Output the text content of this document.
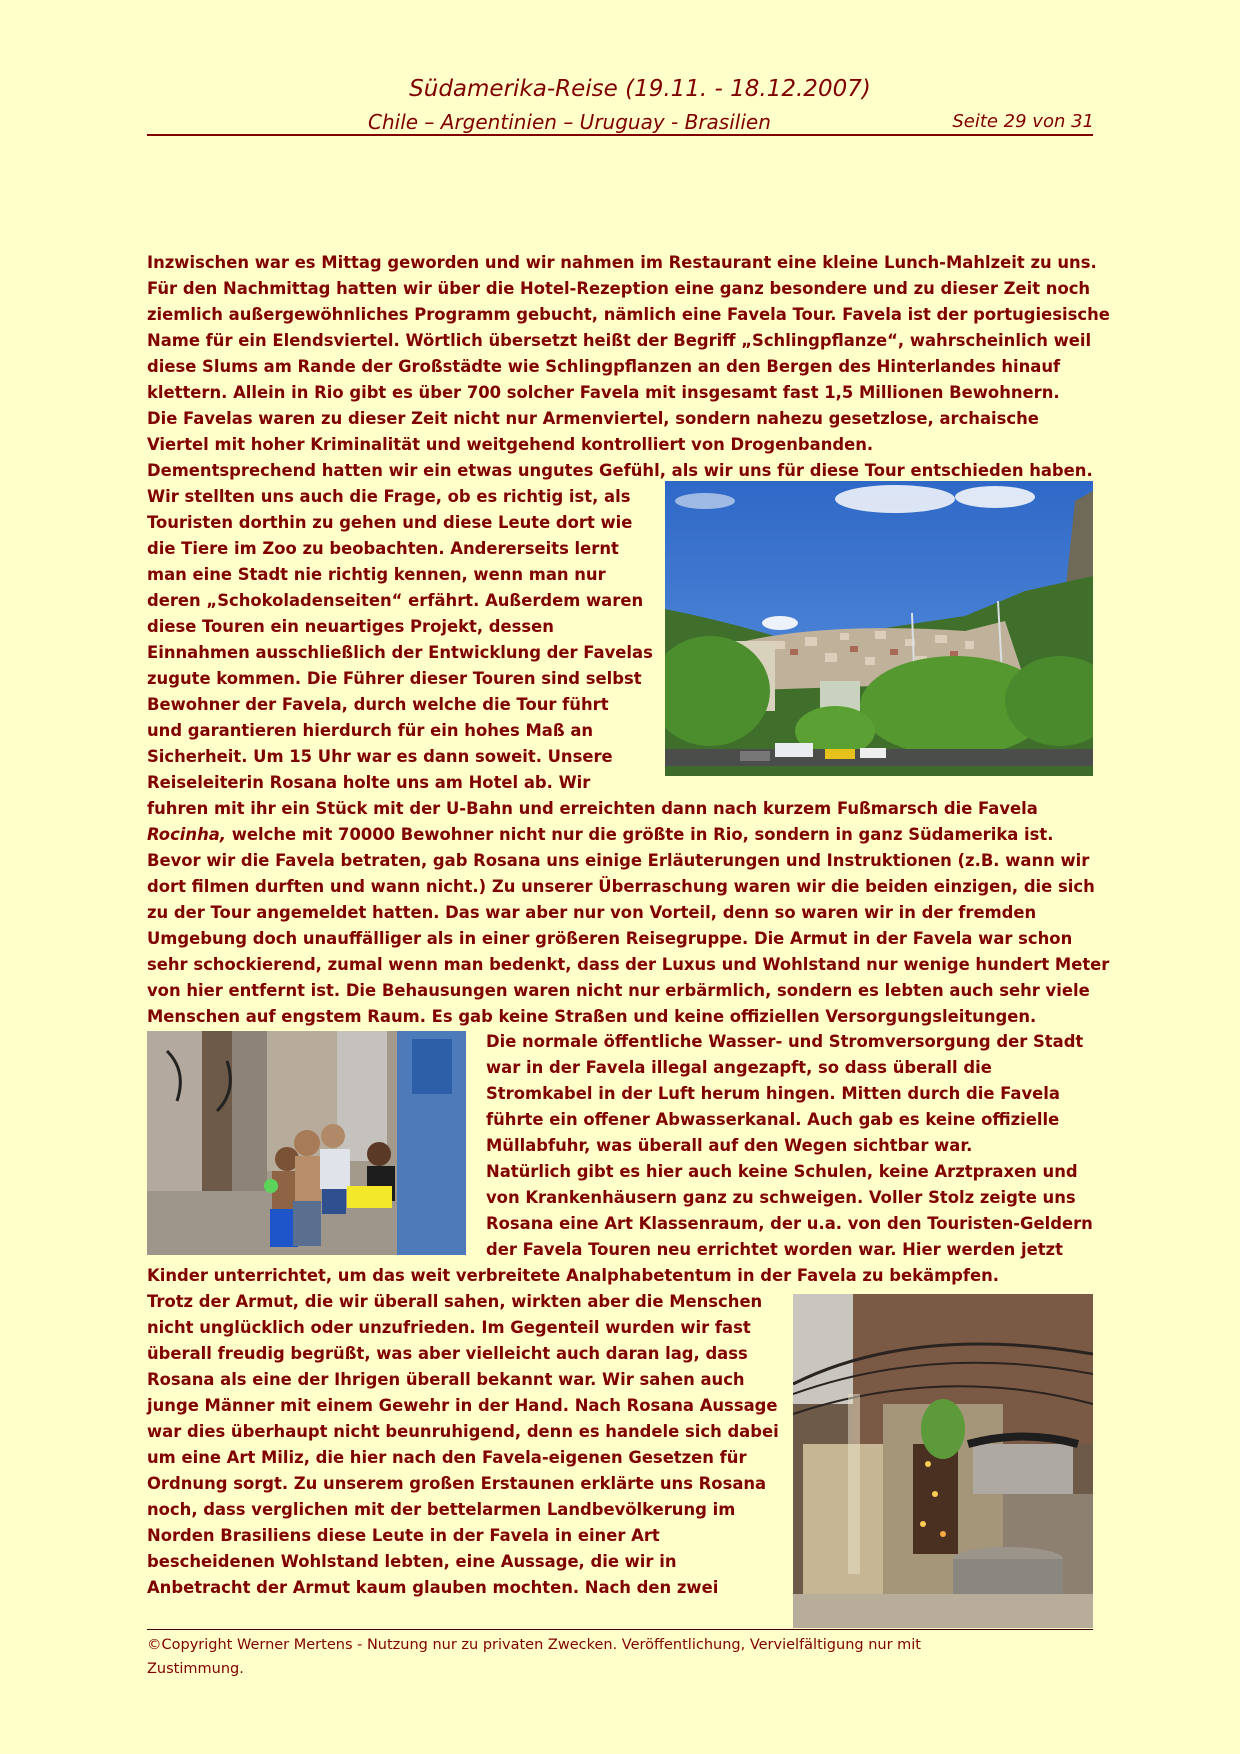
Südamerika-Reise (19.11. - 18.12.2007)
Chile – Argentinien – Uruguay - Brasilien	Seite 29 von 31
Inzwischen war es Mittag geworden und wir nahmen im Restaurant eine kleine Lunch-Mahlzeit zu uns.
Für den Nachmittag hatten wir über die Hotel-Rezeption eine ganz besondere und zu dieser Zeit noch
ziemlich außergewöhnliches Programm gebucht, nämlich eine Favela Tour. Favela ist der portugiesische
Name für ein Elendsviertel. Wörtlich übersetzt heißt der Begriff „Schlingpflanze“, wahrscheinlich weil
diese Slums am Rande der Großstädte wie Schlingpflanzen an den Bergen des Hinterlandes hinauf
klettern. Allein in Rio gibt es über 700 solcher Favela mit insgesamt fast 1,5 Millionen Bewohnern.
Die Favelas waren zu dieser Zeit nicht nur Armenviertel, sondern nahezu gesetzlose, archaische
Viertel mit hoher Kriminalität und weitgehend kontrolliert von Drogenbanden.
Dementsprechend hatten wir ein etwas ungutes Gefühl, als wir uns für diese Tour entschieden haben.
Wir stellten uns auch die Frage, ob es richtig ist, als
Touristen dorthin zu gehen und diese Leute dort wie
die Tiere im Zoo zu beobachten. Andererseits lernt
man eine Stadt nie richtig kennen, wenn man nur
deren „Schokoladenseiten“ erfährt. Außerdem waren
diese Touren ein neuartiges Projekt, dessen
Einnahmen ausschließlich der Entwicklung der Favelas
zugute kommen. Die Führer dieser Touren sind selbst
Bewohner der Favela, durch welche die Tour führt
und garantieren hierdurch für ein hohes Maß an
Sicherheit. Um 15 Uhr war es dann soweit. Unsere
Reiseleiterin Rosana holte uns am Hotel ab. Wir
fuhren mit ihr ein Stück mit der U-Bahn und erreichten dann nach kurzem Fußmarsch die Favela
Rocinha, welche mit 70000 Bewohner nicht nur die größte in Rio, sondern in ganz Südamerika ist.
Bevor wir die Favela betraten, gab Rosana uns einige Erläuterungen und Instruktionen (z.B. wann wir
dort filmen durften und wann nicht.) Zu unserer Überraschung waren wir die beiden einzigen, die sich
zu der Tour angemeldet hatten. Das war aber nur von Vorteil, denn so waren wir in der fremden
Umgebung doch unauffälliger als in einer größeren Reisegruppe. Die Armut in der Favela war schon
sehr schockierend, zumal wenn man bedenkt, dass der Luxus und Wohlstand nur wenige hundert Meter
von hier entfernt ist. Die Behausungen waren nicht nur erbärmlich, sondern es lebten auch sehr viele
Menschen auf engstem Raum. Es gab keine Straßen und keine offiziellen Versorgungsleitungen.
Die normale öffentliche Wasser- und Stromversorgung der Stadt
war in der Favela illegal angezapft, so dass überall die
Stromkabel in der Luft herum hingen. Mitten durch die Favela
führte ein offener Abwasserkanal. Auch gab es keine offizielle
Müllabfuhr, was überall auf den Wegen sichtbar war.
Natürlich gibt es hier auch keine Schulen, keine Arztpraxen und
von Krankenhäusern ganz zu schweigen. Voller Stolz zeigte uns
Rosana eine Art Klassenraum, der u.a. von den Touristen-Geldern
der Favela Touren neu errichtet worden war. Hier werden jetzt
Kinder unterrichtet, um das weit verbreitete Analphabetentum in der Favela zu bekämpfen.
Trotz der Armut, die wir überall sahen, wirkten aber die Menschen
nicht unglücklich oder unzufrieden. Im Gegenteil wurden wir fast
überall freudig begrüßt, was aber vielleicht auch daran lag, dass
Rosana als eine der Ihrigen überall bekannt war. Wir sahen auch
junge Männer mit einem Gewehr in der Hand. Nach Rosana Aussage
war dies überhaupt nicht beunruhigend, denn es handele sich dabei
um eine Art Miliz, die hier nach den Favela-eigenen Gesetzen für
Ordnung sorgt. Zu unserem großen Erstaunen erklärte uns Rosana
noch, dass verglichen mit der bettelarmen Landbevölkerung im
Norden Brasiliens diese Leute in der Favela in einer Art
bescheidenen Wohlstand lebten, eine Aussage, die wir in
Anbetracht der Armut kaum glauben mochten. Nach den zwei
©Copyright Werner Mertens - Nutzung nur zu privaten Zwecken. Veröffentlichung, Vervielfältigung nur mit
Zustimmung.
